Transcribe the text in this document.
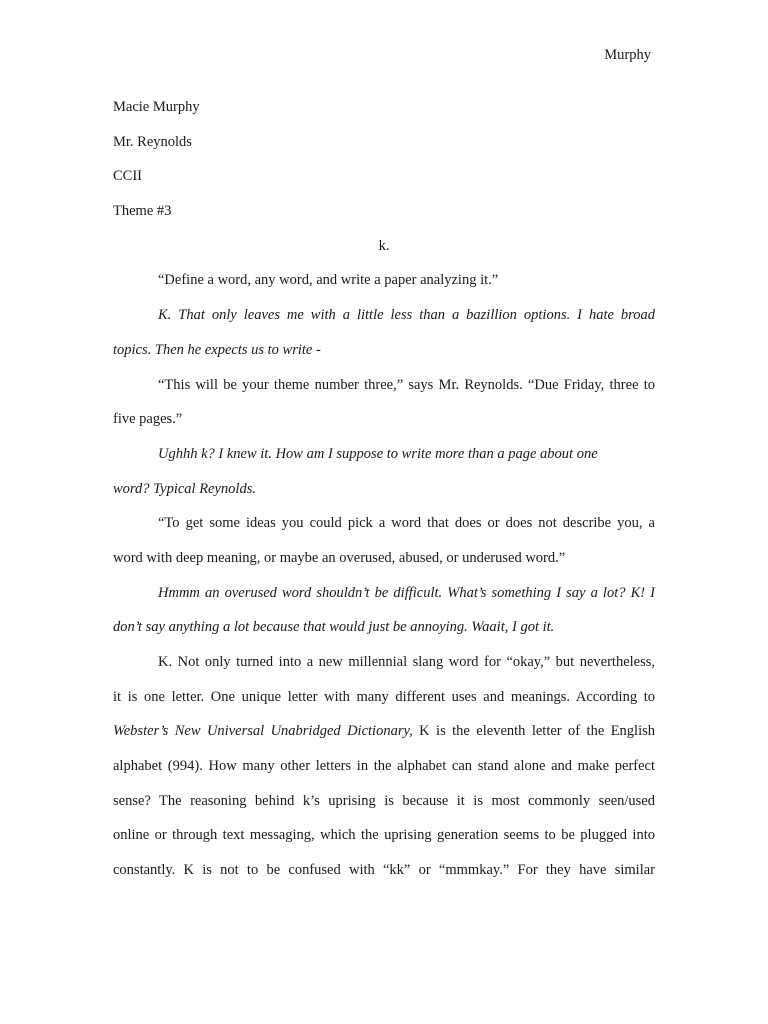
Murphy
Macie Murphy
Mr. Reynolds
CCII
Theme #3
k.
“Define a word, any word, and write a paper analyzing it.”
K. That only leaves me with a little less than a bazillion options. I hate broad
topics. Then he expects us to write -
“This will be your theme number three,” says Mr. Reynolds. “Due Friday, three to
five pages.”
Ughhh k? I knew it. How am I suppose to write more than a page about one
word? Typical Reynolds.
“To get some ideas you could pick a word that does or does not describe you, a
word with deep meaning, or maybe an overused, abused, or underused word.”
Hmmm an overused word shouldn’t be difficult. What’s something I say a lot? K! I
don’t say anything a lot because that would just be annoying. Waait, I got it.
K. Not only turned into a new millennial slang word for “okay,” but nevertheless,
it is one letter. One unique letter with many different uses and meanings. According to
Webster’s New Universal Unabridged Dictionary, K is the eleventh letter of the English
alphabet (994). How many other letters in the alphabet can stand alone and make perfect
sense? The reasoning behind k’s uprising is because it is most commonly seen/used
online or through text messaging, which the uprising generation seems to be plugged into
constantly. K is not to be confused with “kk” or “mmmkay.” For they have similar
